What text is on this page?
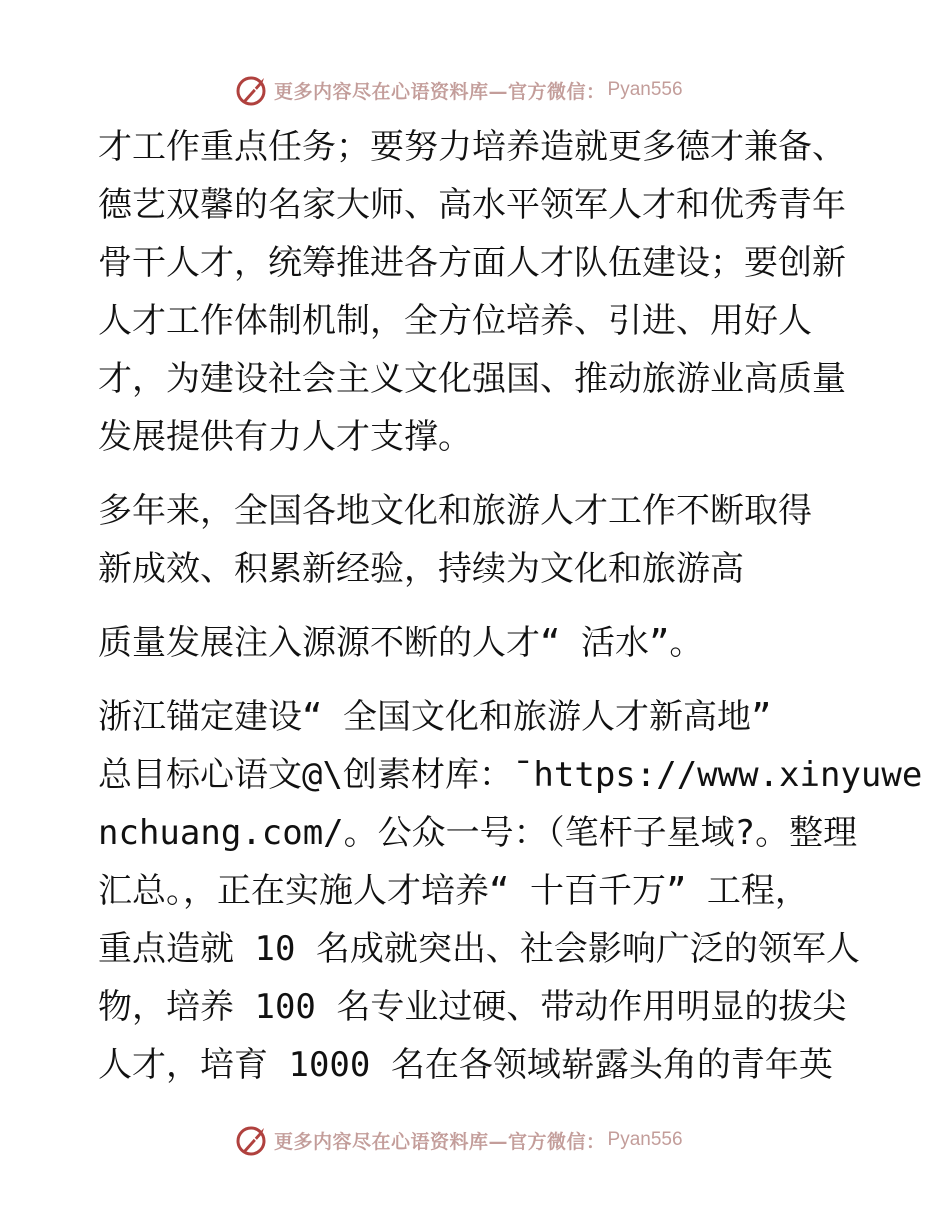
更多内容尽在心语资料库—官方微信： Pyan556
才工作重点任务；要努力培养造就更多德才兼备、
德艺双馨的名家大师、高水平领军人才和优秀青年
骨干人才，统筹推进各方面人才队伍建设；要创新
人才工作体制机制，全方位培养、引进、用好人
才，为建设社会主义文化强国、推动旅游业高质量
发展提供有力人才支撑。
多年来，全国各地文化和旅游人才工作不断取得
新成效、积累新经验，持续为文化和旅游高
质量发展注入源源不断的人才“ 活水”。
浙江锚定建设“ 全国文化和旅游人才新高地”
总目标心语文@\创素材库：¯https://www.xinyuwe
nchuang.com/。公众一号：（笔杆子星域?。整理
汇总。，正在实施人才培养“ 十百千万” 工程，
重点造就 10 名成就突出、社会影响广泛的领军人
物，培养 100 名专业过硬、带动作用明显的拔尖
人才，培育 1000 名在各领域崭露头角的青年英
更多内容尽在心语资料库—官方微信： Pyan556
